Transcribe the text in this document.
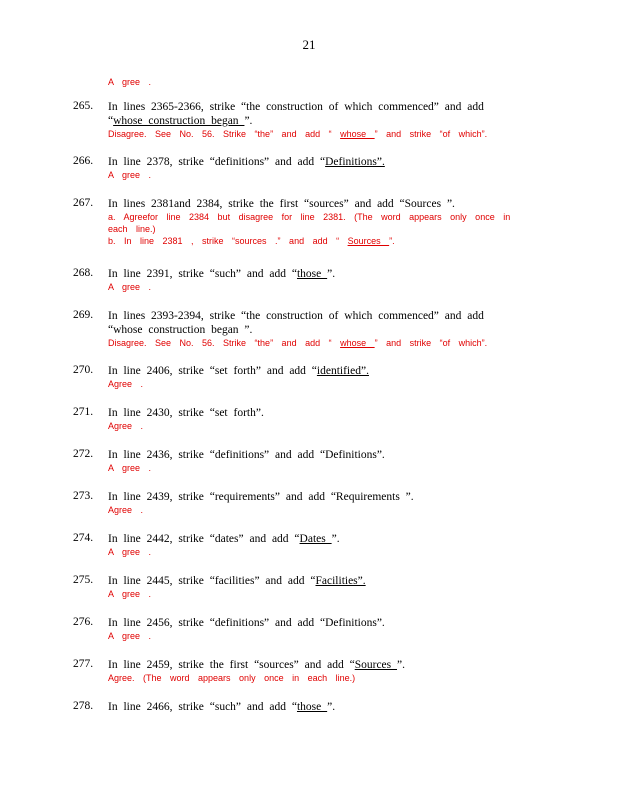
21
A gree .
265. In lines 2365-2366, strike “the construction of which commenced” and add “whose construction began ”.
Disagree. See No. 56. Strike “the” and add “ whose ” and strike “of which”.
266. In line 2378, strike “definitions” and add “Definitions”.
A gree .
267. In lines 2381and 2384, strike the first “sources” and add “Sources ”.
a. Agreefor line 2384 but disagree for line 2381. (The word appears only once in each line.)
b. In line 2381 , strike “sources .” and add “ Sources ”.
268. In line 2391, strike “such” and add “those ”.
A gree .
269. In lines 2393-2394, strike “the construction of which commenced” and add “whose construction began ”.
Disagree. See No. 56. Strike “the” and add “ whose ” and strike “of which”.
270. In line 2406, strike “set forth” and add “identified”.
Agree .
271. In line 2430, strike “set forth”.
Agree .
272. In line 2436, strike “definitions” and add “Definitions”.
A gree .
273. In line 2439, strike “requirements” and add “Requirements ”.
Agree .
274. In line 2442, strike “dates” and add “Dates ”.
A gree .
275. In line 2445, strike “facilities” and add “Facilities”.
A gree .
276. In line 2456, strike “definitions” and add “Definitions”.
A gree .
277. In line 2459, strike the first “sources” and add “Sources ”.
Agree. (The word appears only once in each line.)
278. In line 2466, strike “such” and add “those ”.
